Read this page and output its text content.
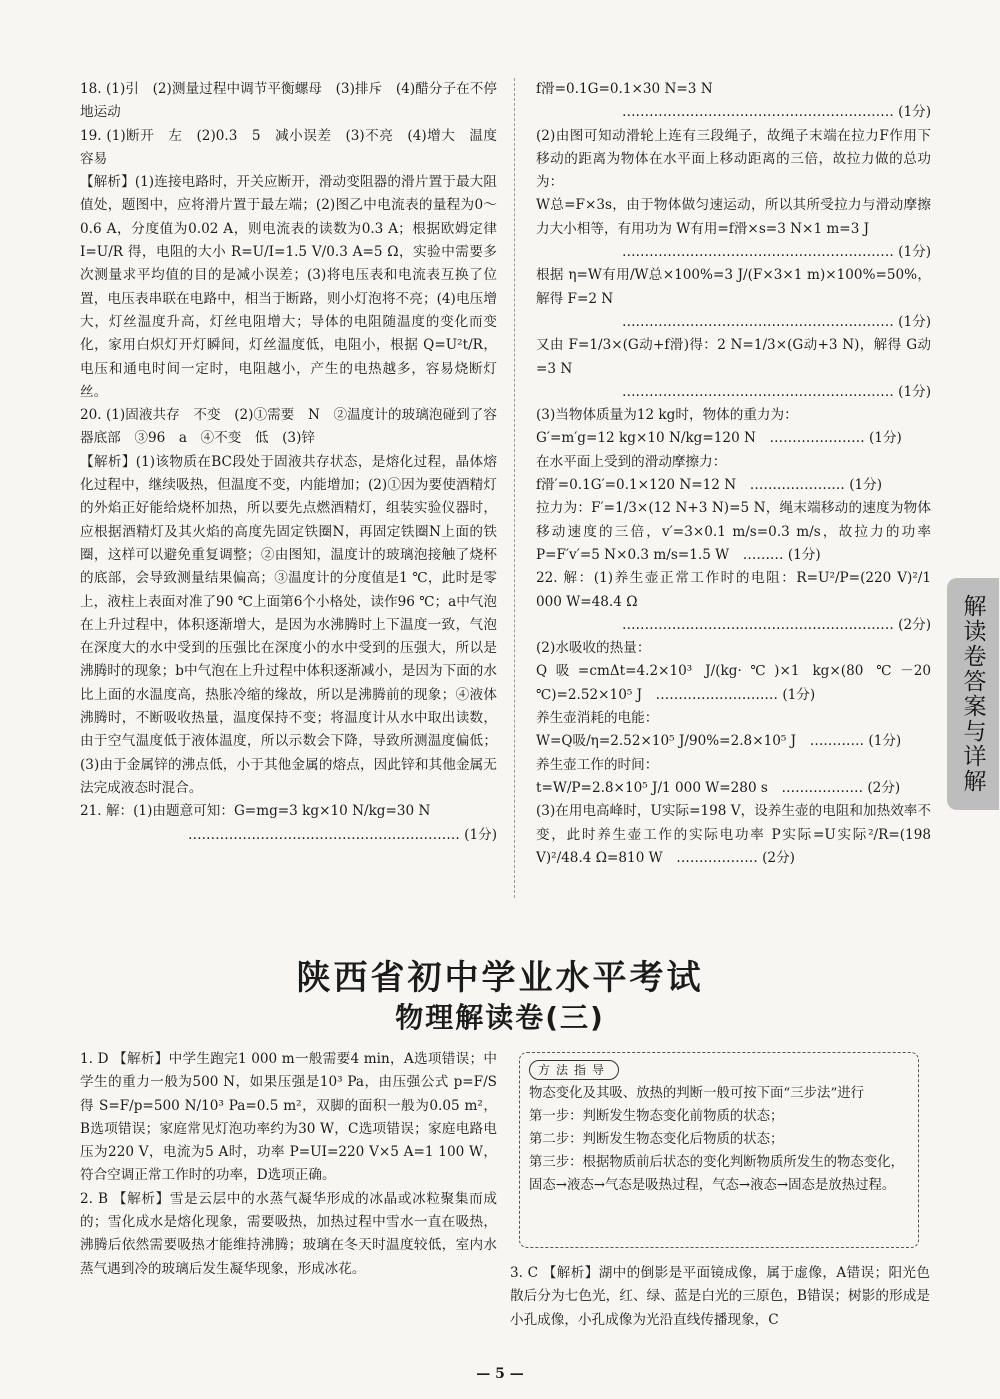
18. (1)引　(2)测量过程中调节平衡螺母　(3)排斥　(4)醋分子在不停地运动

19. (1)断开　左　(2)0.3　5　减小误差　(3)不亮　(4)增大　温度　容易

【解析】(1)连接电路时，开关应断开，滑动变阻器的滑片置于最大阻值处，题图中，应将滑片置于最左端；(2)图乙中电流表的量程为0～0.6 A，分度值为0.02 A，则电流表的读数为0.3 A；根据欧姆定律 I=U/R 得，电阻的大小 R=U/I=1.5 V/0.3 A=5 Ω，实验中需要多次测量求平均值的目的是减小误差；(3)将电压表和电流表互换了位置，电压表串联在电路中，相当于断路，则小灯泡将不亮；(4)电压增大，灯丝温度升高，灯丝电阻增大；导体的电阻随温度的变化而变化，家用白炽灯开灯瞬间，灯丝温度低，电阻小，根据 Q=U²t/R，电压和通电时间一定时，电阻越小，产生的电热越多，容易烧断灯丝。

20. (1)固液共存　不变　(2)①需要　N　②温度计的玻璃泡碰到了容器底部　③96　a　④不变　低　(3)锌

【解析】(1)该物质在BC段处于固液共存状态，是熔化过程，晶体熔化过程中，继续吸热，但温度不变，内能增加；(2)①因为要使酒精灯的外焰正好能给烧杯加热，所以要先点燃酒精灯，组装实验仪器时，应根据酒精灯及其火焰的高度先固定铁圈N，再固定铁圈N上面的铁圈，这样可以避免重复调整；②由图知，温度计的玻璃泡接触了烧杯的底部，会导致测量结果偏高；③温度计的分度值是1 ℃，此时是零上，液柱上表面对准了90 ℃上面第6个小格处，读作96 ℃；a中气泡在上升过程中，体积逐渐增大，是因为水沸腾时上下温度一致，气泡在深度大的水中受到的压强比在深度小的水中受到的压强大，所以是沸腾时的现象；b中气泡在上升过程中体积逐渐减小，是因为下面的水比上面的水温度高，热胀冷缩的缘故，所以是沸腾前的现象；④液体沸腾时，不断吸收热量，温度保持不变；将温度计从水中取出读数，由于空气温度低于液体温度，所以示数会下降，导致所测温度偏低；(3)由于金属锌的沸点低，小于其他金属的熔点，因此锌和其他金属无法完成液态时混合。

21. 解：(1)由题意可知：G=mg=3 kg×10 N/kg=30 N

…………………………………………………… (1分)

f滑=0.1G=0.1×30 N=3 N

…………………………………………………… (1分)

(2)由图可知动滑轮上连有三段绳子，故绳子末端在拉力F作用下移动的距离为物体在水平面上移动距离的三倍，故拉力做的总功为：

W总=F×3s，由于物体做匀速运动，所以其所受拉力与滑动摩擦力大小相等，有用功为 W有用=f滑×s=3 N×1 m=3 J

…………………………………………………… (1分)

根据 η=W有用/W总×100%=3 J/(F×3×1 m)×100%=50%，解得 F=2 N

…………………………………………………… (1分)

又由 F=1/3×(G动+f滑)得：2 N=1/3×(G动+3 N)，解得 G动=3 N

…………………………………………………… (1分)

(3)当物体质量为12 kg时，物体的重力为：

G′=m′g=12 kg×10 N/kg=120 N　………………… (1分)

在水平面上受到的滑动摩擦力：

f滑′=0.1G′=0.1×120 N=12 N　………………… (1分)

拉力为：F′=1/3×(12 N+3 N)=5 N，绳末端移动的速度为物体移动速度的三倍，v′=3×0.1 m/s=0.3 m/s，故拉力的功率 P=F′v′=5 N×0.3 m/s=1.5 W　……… (1分)

22. 解：(1)养生壶正常工作时的电阻：R=U²/P=(220 V)²/1 000 W=48.4 Ω

…………………………………………………… (2分)

(2)水吸收的热量：

Q吸=cmΔt=4.2×10³ J/(kg·℃)×1 kg×(80 ℃－20 ℃)=2.52×10⁵ J　……………………… (1分)

养生壶消耗的电能：

W=Q吸/η=2.52×10⁵ J/90%=2.8×10⁵ J　………… (1分)

养生壶工作的时间：

t=W/P=2.8×10⁵ J/1 000 W=280 s　……………… (2分)

(3)在用电高峰时，U实际=198 V，设养生壶的电阻和加热效率不变，此时养生壶工作的实际电功率 P实际=U实际²/R=(198 V)²/48.4 Ω=810 W　……………… (2分)

解读卷答案与详解
陕西省初中学业水平考试
物理解读卷(三)

1. D 【解析】中学生跑完1 000 m一般需要4 min，A选项错误；中学生的重力一般为500 N，如果压强是10³ Pa，由压强公式 p=F/S 得 S=F/p=500 N/10³ Pa=0.5 m²，双脚的面积一般为0.05 m²，B选项错误；家庭常见灯泡功率约为30 W，C选项错误；家庭电路电压为220 V，电流为5 A时，功率 P=UI=220 V×5 A=1 100 W，符合空调正常工作时的功率，D选项正确。

2. B 【解析】雪是云层中的水蒸气凝华形成的冰晶或冰粒聚集而成的；雪化成水是熔化现象，需要吸热，加热过程中雪水一直在吸热，沸腾后依然需要吸热才能维持沸腾；玻璃在冬天时温度较低，室内水蒸气遇到冷的玻璃后发生凝华现象，形成冰花。

方法指导
物态变化及其吸、放热的判断一般可按下面“三步法”进行
第一步：判断发生物态变化前物质的状态；
第二步：判断发生物态变化后物质的状态；
第三步：根据物质前后状态的变化判断物质所发生的物态变化，固态→液态→气态是吸热过程，气态→液态→固态是放热过程。

3. C 【解析】湖中的倒影是平面镜成像，属于虚像，A错误；阳光色散后分为七色光，红、绿、蓝是白光的三原色，B错误；树影的形成是小孔成像，小孔成像为光沿直线传播现象，C

— 5 —
